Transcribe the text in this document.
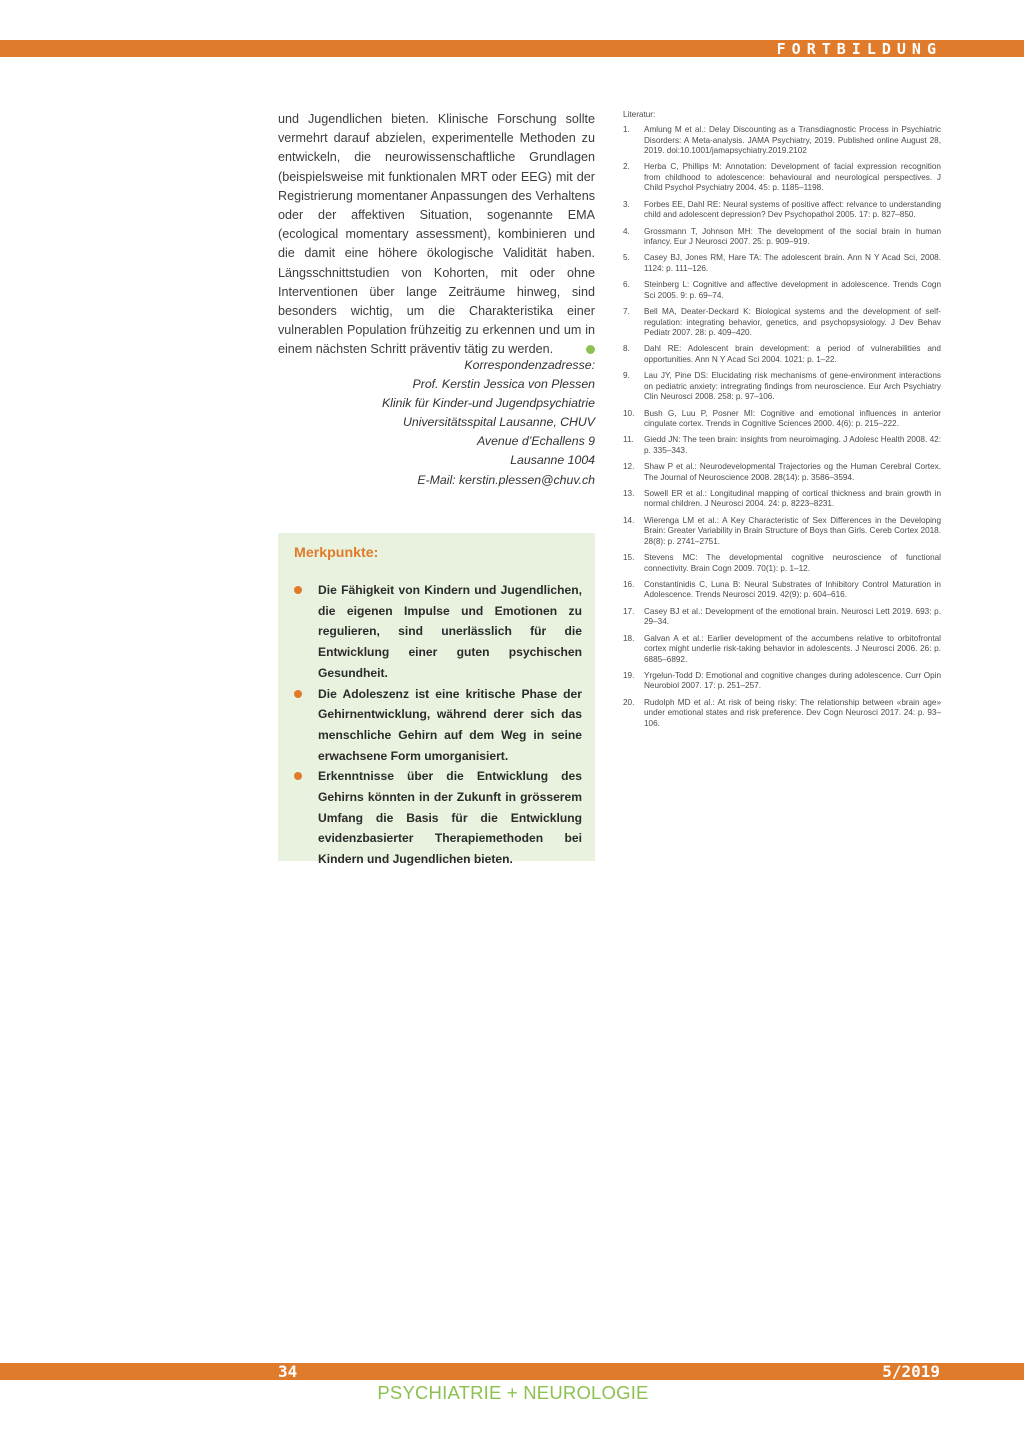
FORTBILDUNG

und Jugendlichen bieten. Klinische Forschung sollte vermehrt darauf abzielen, experimentelle Methoden zu entwickeln, die neurowissenschaftliche Grundlagen (beispielsweise mit funktionalen MRT oder EEG) mit der Registrierung momentaner Anpassungen des Verhaltens oder der affektiven Situation, sogenannte EMA (ecological momentary assessment), kombinieren und die damit eine höhere ökologische Validität haben. Längsschnittstudien von Kohorten, mit oder ohne Interventionen über lange Zeiträume hinweg, sind besonders wichtig, um die Charakteristika einer vulnerablen Population frühzeitig zu erkennen und um in einem nächsten Schritt präventiv tätig zu werden.

Korrespondenzadresse:
Prof. Kerstin Jessica von Plessen
Klinik für Kinder-und Jugendpsychiatrie
Universitätsspital Lausanne, CHUV
Avenue d’Echallens 9
Lausanne 1004
E-Mail: kerstin.plessen@chuv.ch
Merkpunkte:
Die Fähigkeit von Kindern und Jugendlichen, die eigenen Impulse und Emotionen zu regulieren, sind unerlässlich für die Entwicklung einer guten psychischen Gesundheit.
Die Adoleszenz ist eine kritische Phase der Gehirnentwicklung, während derer sich das menschliche Gehirn auf dem Weg in seine erwachsene Form umorganisiert.
Erkenntnisse über die Entwicklung des Gehirns könnten in der Zukunft in grösserem Umfang die Basis für die Entwicklung evidenzbasierter Therapiemethoden bei Kindern und Jugendlichen bieten.
Literatur:
1. Amlung M et al.: Delay Discounting as a Transdiagnostic Process in Psychiatric Disorders: A Meta-analysis. JAMA Psychiatry, 2019. Published online August 28, 2019. doi:10.1001/jamapsychiatry.2019.2102
2. Herba C, Phillips M: Annotation: Development of facial expression recognition from childhood to adolescence: behavioural and neurological perspectives. J Child Psychol Psychiatry 2004. 45: p. 1185–1198.
3. Forbes EE, Dahl RE: Neural systems of positive affect: relvance to understanding child and adolescent depression? Dev Psychopathol 2005. 17: p. 827–850.
4. Grossmann T, Johnson MH: The development of the social brain in human infancy. Eur J Neurosci 2007. 25: p. 909–919.
5. Casey BJ, Jones RM, Hare TA: The adolescent brain. Ann N Y Acad Sci, 2008. 1124: p. 111–126.
6. Steinberg L: Cognitive and affective development in adolescence. Trends Cogn Sci 2005. 9: p. 69–74.
7. Bell MA, Deater-Deckard K: Biological systems and the development of self-regulation: integrating behavior, genetics, and psychopsysiology. J Dev Behav Pediatr 2007. 28: p. 409–420.
8. Dahl RE: Adolescent brain development: a period of vulnerabilities and opportunities. Ann N Y Acad Sci 2004. 1021: p. 1–22.
9. Lau JY, Pine DS: Elucidating risk mechanisms of gene-environment interactions on pediatric anxiety: intregrating findings from neuroscience. Eur Arch Psychiatry Clin Neurosci 2008. 258: p. 97–106.
10. Bush G, Luu P, Posner MI: Cognitive and emotional influences in anterior cingulate cortex. Trends in Cognitive Sciences 2000. 4(6): p. 215–222.
11. Giedd JN: The teen brain: insights from neuroimaging. J Adolesc Health 2008. 42: p. 335–343.
12. Shaw P et al.: Neurodevelopmental Trajectories og the Human Cerebral Cortex. The Journal of Neuroscience 2008. 28(14): p. 3586–3594.
13. Sowell ER et al.: Longitudinal mapping of cortical thickness and brain growth in normal children. J Neurosci 2004. 24: p. 8223–8231.
14. Wierenga LM et al.: A Key Characteristic of Sex Differences in the Developing Brain: Greater Variability in Brain Structure of Boys than Girls. Cereb Cortex 2018. 28(8): p. 2741–2751.
15. Stevens MC: The developmental cognitive neuroscience of functional connectivity. Brain Cogn 2009. 70(1): p. 1–12.
16. Constantinidis C, Luna B: Neural Substrates of Inhibitory Control Maturation in Adolescence. Trends Neurosci 2019. 42(9): p. 604–616.
17. Casey BJ et al.: Development of the emotional brain. Neurosci Lett 2019. 693: p. 29–34.
18. Galvan A et al.: Earlier development of the accumbens relative to orbitofrontal cortex might underlie risk-taking behavior in adolescents. J Neurosci 2006. 26: p. 6885–6892.
19. Yrgelun-Todd D: Emotional and cognitive changes during adolescence. Curr Opin Neurobiol 2007. 17: p. 251–257.
20. Rudolph MD et al.: At risk of being risky: The relationship between «brain age» under emotional states and risk preference. Dev Cogn Neurosci 2017. 24: p. 93–106.
34	5/2019
PSYCHIATRIE + NEUROLOGIE
